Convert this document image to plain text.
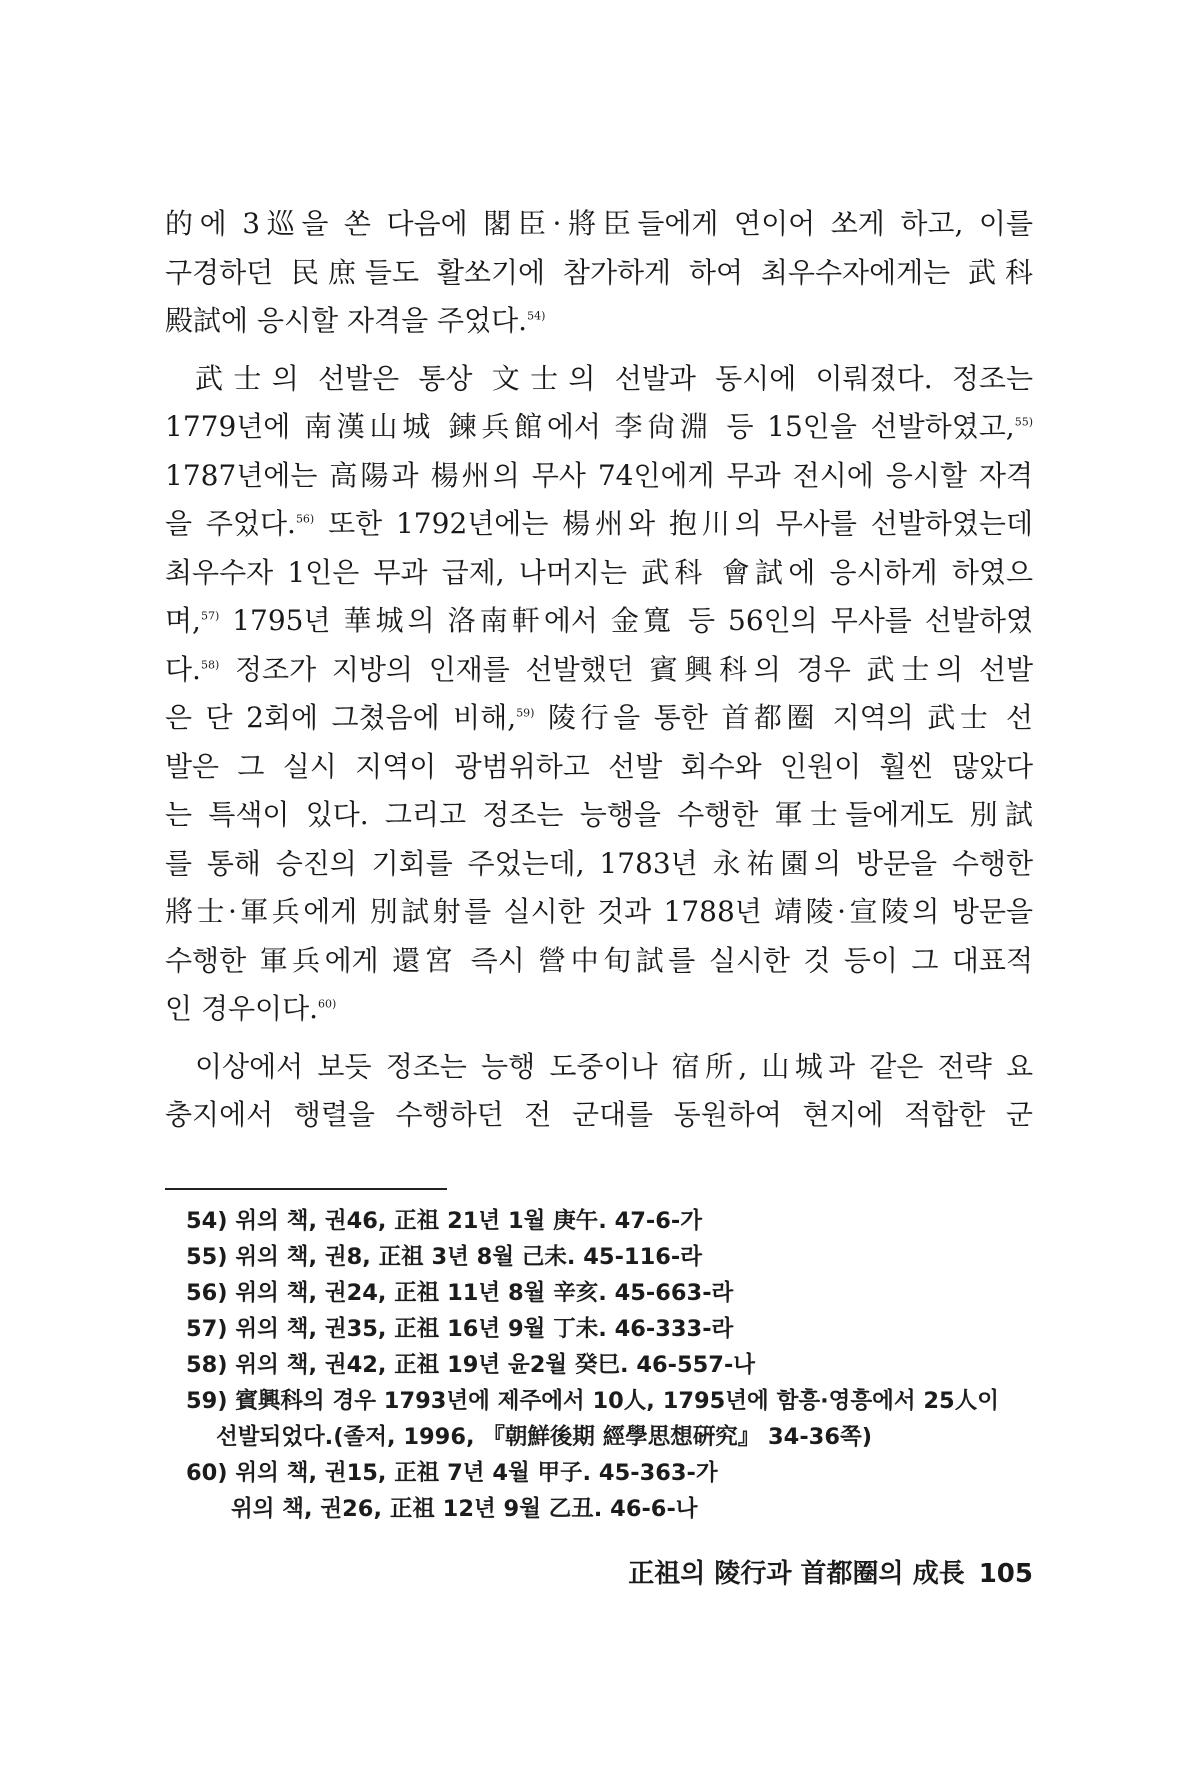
的에 3巡을 쏜 다음에 閣臣·將臣들에게 연이어 쏘게 하고, 이를
구경하던 民庶들도 활쏘기에 참가하게 하여 최우수자에게는 武科
殿試에 응시할 자격을 주었다.$^{54)}$
武士의 선발은 통상 文士의 선발과 동시에 이뤄졌다. 정조는
1779년에 南漢山城 鍊兵館에서 李尙淵 등 15인을 선발하였고,$^{55)}$
1787년에는 高陽과 楊州의 무사 74인에게 무과 전시에 응시할 자격
을 주었다.$^{56)}$ 또한 1792년에는 楊州와 抱川의 무사를 선발하였는데
최우수자 1인은 무과 급제, 나머지는 武科 會試에 응시하게 하였으
며,$^{57)}$ 1795년 華城의 洛南軒에서 金寬 등 56인의 무사를 선발하였
다.$^{58)}$ 정조가 지방의 인재를 선발했던 賓興科의 경우 武士의 선발
은 단 2회에 그쳤음에 비해,$^{59)}$ 陵行을 통한 首都圈 지역의 武士 선
발은 그 실시 지역이 광범위하고 선발 회수와 인원이 훨씬 많았다
는 특색이 있다. 그리고 정조는 능행을 수행한 軍士들에게도 別試
를 통해 승진의 기회를 주었는데, 1783년 永祐園의 방문을 수행한
將士·軍兵에게 別試射를 실시한 것과 1788년 靖陵·宣陵의 방문을
수행한 軍兵에게 還宮 즉시 營中旬試를 실시한 것 등이 그 대표적
인 경우이다.$^{60)}$
이상에서 보듯 정조는 능행 도중이나 宿所, 山城과 같은 전략 요
충지에서 행렬을 수행하던 전 군대를 동원하여 현지에 적합한 군
54) 위의 책, 권46, 正祖 21년 1월 庚午. 47-6-가
55) 위의 책, 권8, 正祖 3년 8월 己未. 45-116-라
56) 위의 책, 권24, 正祖 11년 8월 辛亥. 45-663-라
57) 위의 책, 권35, 正祖 16년 9월 丁未. 46-333-라
58) 위의 책, 권42, 正祖 19년 윤2월 癸巳. 46-557-나
59) 賓興科의 경우 1793년에 제주에서 10人, 1795년에 함흥·영흥에서 25人이
선발되었다.(졸저, 1996, 『朝鮮後期 經學思想硏究』 34-36쪽)
60) 위의 책, 권15, 正祖 7년 4월 甲子. 45-363-가
위의 책, 권26, 正祖 12년 9월 乙丑. 46-6-나
正祖의 陵行과 首都圈의 成長 105
